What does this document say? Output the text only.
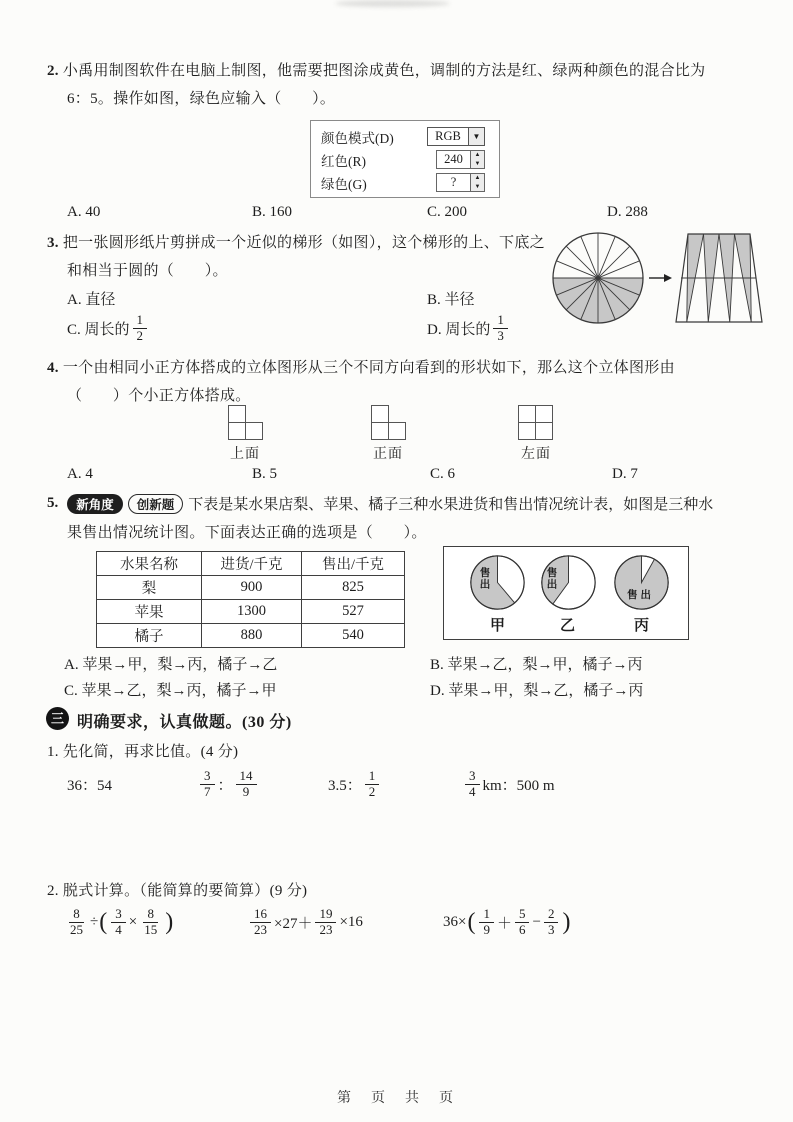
2. 小禹用制图软件在电脑上制图，他需要把图涂成黄色，调制的方法是红、绿两种颜色的混合比为
6：5。操作如图，绿色应输入（　　）。
颜色模式(D)	RGB	▼
红色(R)	240	▲
▼
绿色(G)	?	▲
▼
A. 40	B. 160	C. 200	D. 288
3. 把一张圆形纸片剪拼成一个近似的梯形（如图），这个梯形的上、下底之
和相当于圆的（　　）。
A. 直径	B. 半径
C. 周长的 $\frac{1}{2}$	D. 周长的 $\frac{1}{3}$
4. 一个由相同小正方体搭成的立体图形从三个不同方向看到的形状如下，那么这个立体图形由
（　　）个小正方体搭成。
上面	正面	左面
A. 4	B. 5	C. 6	D. 7
5.	新角度	创新题 下表是某水果店梨、苹果、橘子三种水果进货和售出情况统计表，如图是三种水
果售出情况统计图。下面表达正确的选项是（　　）。
水果名称	进货/千克	售出/千克
梨	900	825
苹果	1300	527
橘子	880	540
售出
甲
售出
乙
售出
丙
A. 苹果→甲，梨→丙，橘子→乙	B. 苹果→乙，梨→甲，橘子→丙
C. 苹果→乙，梨→丙，橘子→甲	D. 苹果→甲，梨→乙，橘子→丙
三 明确要求，认真做题。(30 分)
1. 先化简，再求比值。(4 分)
36：54	$\frac{3}{7}$ ： $\frac{14}{9}$	3.5： $\frac{1}{2}$	$\frac{3}{4}$ km：500 m
2. 脱式计算。（能简算的要简算）(9 分)
$\frac{8}{25}$ ÷ ( $\frac{3}{4} \times \frac{8}{15}$ )	$\frac{16}{23} \times 27+ \frac{19}{23} \times 16$	36× ( $\frac{1}{9} + \frac{5}{6} - \frac{2}{3}$ )
第　页　共　页
